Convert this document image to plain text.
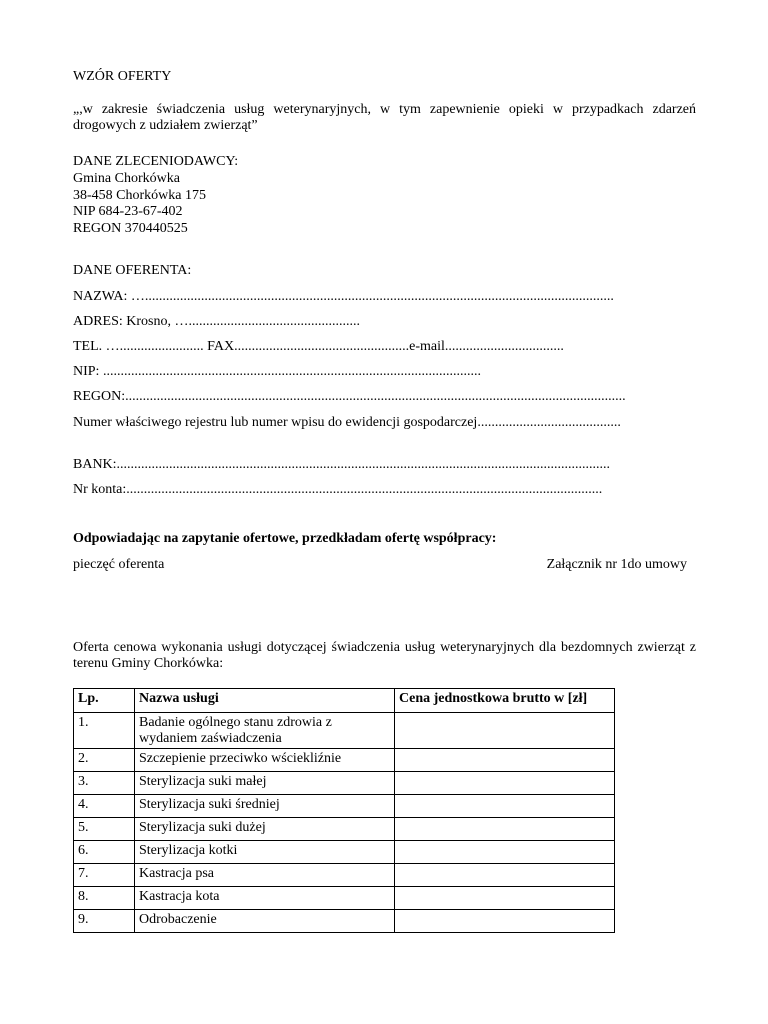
WZÓR OFERTY
„,w zakresie świadczenia usług weterynaryjnych, w tym zapewnienie opieki w przypadkach zdarzeń drogowych z udziałem zwierząt”
DANE ZLECENIODAWCY:
Gmina Chorkówka
38-458 Chorkówka 175
NIP 684-23-67-402
REGON 370440525
DANE OFERENTA:
NAZWA: …......................................................................................................................................
ADRES: Krosno, ….................................................
TEL. …........................ FAX..................................................e-mail..................................
NIP: ............................................................................................................
REGON:...............................................................................................................................................
Numer właściwego rejestru lub numer wpisu do ewidencji gospodarczej.........................................
BANK:.............................................................................................................................................
Nr konta:........................................................................................................................................
Odpowiadając na zapytanie ofertowe, przedkładam ofertę współpracy:
pieczęć oferenta	Załącznik nr 1do umowy
Oferta cenowa wykonania usługi dotyczącej świadczenia usług weterynaryjnych dla bezdomnych zwierząt z terenu Gminy Chorkówka:
Lp.	Nazwa usługi	Cena jednostkowa brutto w [zł]
1.	Badanie ogólnego stanu zdrowia z wydaniem zaświadczenia	
2.	Szczepienie przeciwko wściekliźnie	
3.	Sterylizacja suki małej	
4.	Sterylizacja suki średniej	
5.	Sterylizacja suki dużej	
6.	Sterylizacja kotki	
7.	Kastracja psa	
8.	Kastracja kota	
9.	Odrobaczenie	
